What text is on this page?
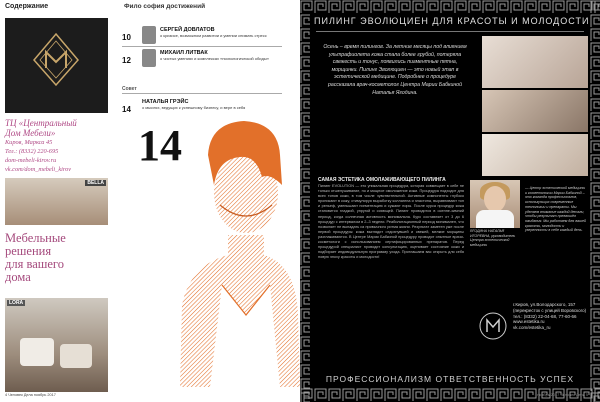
Содержание
ТЦ «Центральный
Дом Мебели»
Киров, Маркса 45
Тел.: (8332) 220-695
dom-mebeli-kirov.ru
vk.com/dom_mebeli_kirov
BELLA
Мебельные
решения
для вашего
дома
LORA
Фило софия достижений
10
СЕРГЕЙ ДОВЛАТОВ
о кризисе, возможном развитии и умении снимать стресс
12
МИХАИЛ ЛИТВАК
о чистых умениях и комплексах «психологической обиды»
Совет
14
НАТАЛЬЯ ГРЭЙС
о мыслях, ведущих к успешному бизнесу, и вере в себя
14
4 Человек Дела ноябрь 2017
ПИЛИНГ ЭВОЛЮЦИЕН ДЛЯ КРАСОТЫ И МОЛОДОСТИ
Осень – время пилингов. За летние месяцы под влиянием ультрафиолета кожа стала более грубой, потеряла свежесть и тонус, появились пигментные пятна, морщинки. Пилинг Эволюциен — это новый этап в эстетической медицине. Подробнее о процедуре рассказала врач-косметолог Центра Марии Бабкиной Наталья Ягодина.
САМАЯ ЭСТЕТИКА ОМОЛАЖИВАЮЩЕГО ПИЛИНГА
Пилинг EVOLUTION — это уникальная процедура, которая совмещает в себе не только отшелушивание, но и мощное омоложение кожи. Процедура подходит для всех типов кожи, в том числе чувствительной. Активные компоненты глубоко проникают в кожу, стимулируя выработку коллагена и эластина, выравнивают тон и рельеф, уменьшают пигментацию и сужают поры. После курса процедур кожа становится гладкой, упругой и сияющей. Пилинг проводится в осенне-зимний период, когда солнечная активность минимальна. Курс составляет от 3 до 6 процедур с интервалом в 2–3 недели. Реабилитационный период минимален, что позволяет не выпадать из привычного ритма жизни. Результат заметен уже после первой процедуры: кожа выглядит отдохнувшей и свежей, мелкие морщины разглаживаются. В Центре Марии Бабкиной процедуру проводят опытные врачи-косметологи с использованием сертифицированных препаратов. Перед процедурой специалист проводит консультацию, оценивает состояние кожи и подбирает индивидуальную программу ухода. Приглашаем вас открыть для себя новую эпоху красоты и молодости!
ЯГОДИНА НАТАЛЬЯ ИГОРЕВНА, руководитель Центра эстетической медицины
— Центр эстетической медицины и косметологии Марии Бабкиной – это команда профессионалов, использующих современные технологии и препараты. Мы уделяем внимание каждой детали, чтобы результат превзошёл ожидания. Мы работаем для вашей красоты, молодости и уверенности в себе каждый день.
г.Киров, ул.Володарского, 157
(перекресток с улицей Воровского)
тел.: (8332) 22-04-68, 77-60-66
www.estetika.ru
vk.com/estetika_ru
ПРОФЕССИОНАЛИЗМ ОТВЕТСТВЕННОСТЬ УСПЕХ
ноябрь 2017 Человек Дела 5
